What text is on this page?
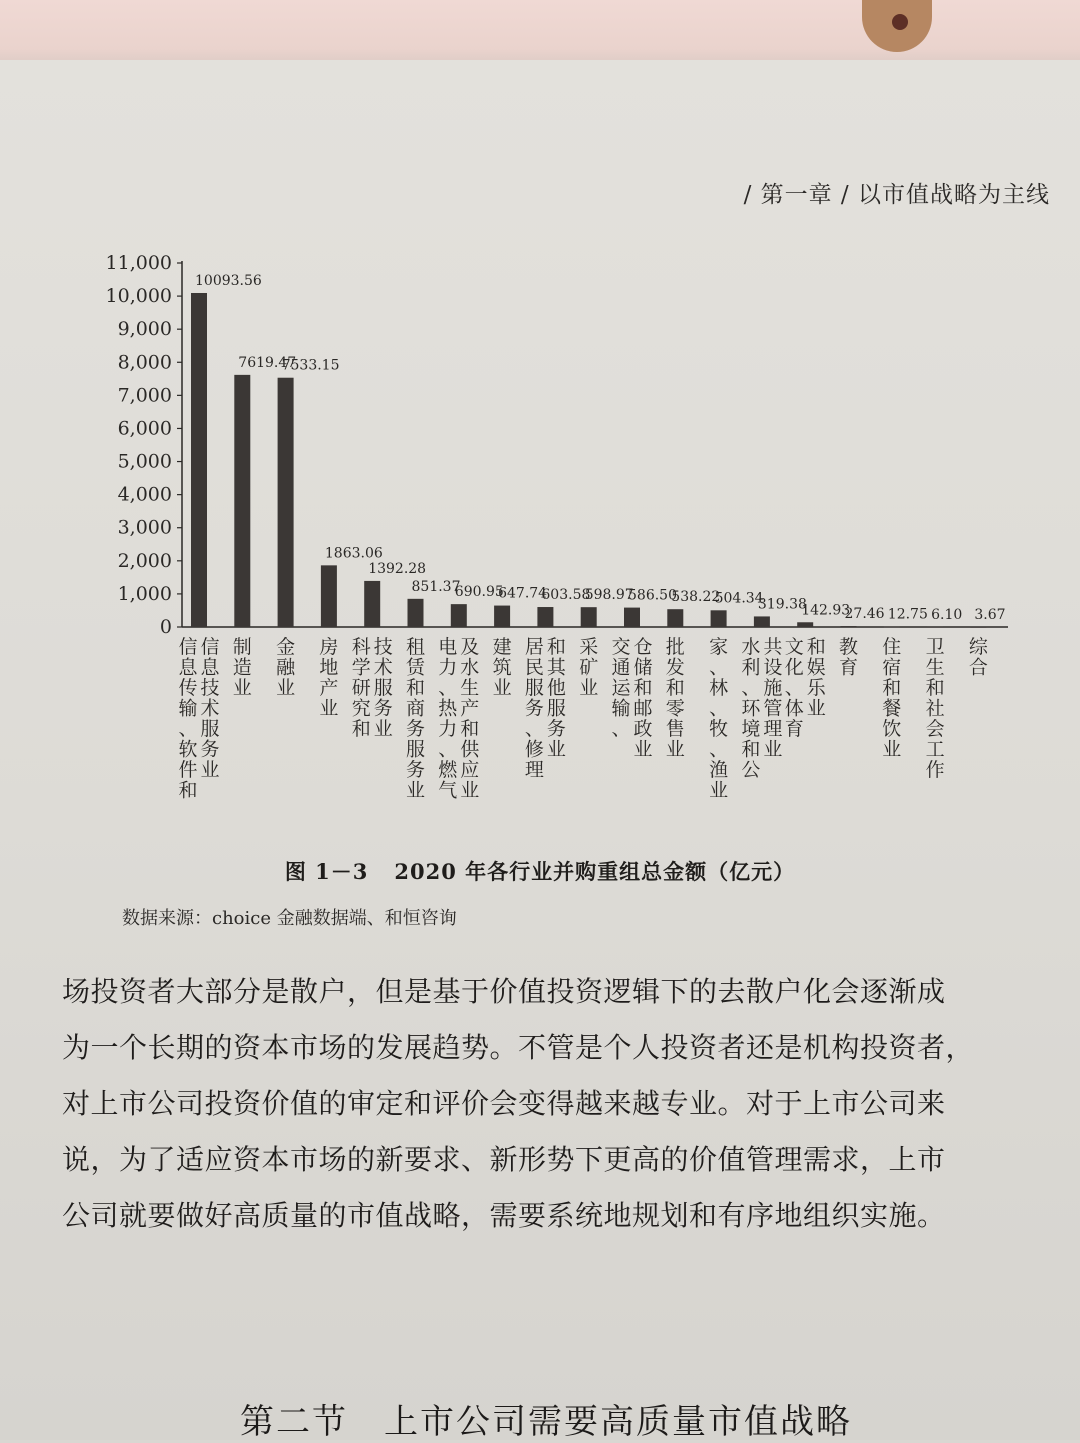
/ 第一章 / 以市值战略为主线
0
1,000
2,000
3,000
4,000
5,000
6,000
7,000
8,000
9,000
10,000
11,000
10093.56
7619.47
7533.15
1863.06
1392.28
851.37
690.95
647.74
603.58
598.97
586.50
538.22
504.34
319.38
142.93
27.46 12.75 6.10 3.67
信
息
传
输
、
软
件
和
信
息
技
术
服
务
业
制
造
业
金
融
业
房
地
产
业
科
学
研
究
和
技
术
服
务
业
租
赁
和
商
务
服
务
业
电
力
、
热
力
、
燃
气
及
水
生
产
和
供
应
业
建
筑
业
居
民
服
务
、
修
理
和
其
他
服
务
业
采
矿
业
交
通
运
输
、
仓
储
和
邮
政
业
批
发
和
零
售
业
家
、
林
、
牧
、
渔
业
水
利
、
环
境
和
公
共
设
施
管
理
业
文
化
、
体
育
和
娱
乐
业
教
育
住
宿
和
餐
饮
业
卫
生
和
社
会
工
作
综
合
图 1－3 2020 年各行业并购重组总金额（亿元）
数据来源：choice 金融数据端、和恒咨询

场投资者大部分是散户，但是基于价值投资逻辑下的去散户化会逐渐成
为一个长期的资本市场的发展趋势。不管是个人投资者还是机构投资者，
对上市公司投资价值的审定和评价会变得越来越专业。对于上市公司来
说，为了适应资本市场的新要求、新形势下更高的价值管理需求，上市
公司就要做好高质量的市值战略，需要系统地规划和有序地组织实施。

第二节　上市公司需要高质量市值战略
